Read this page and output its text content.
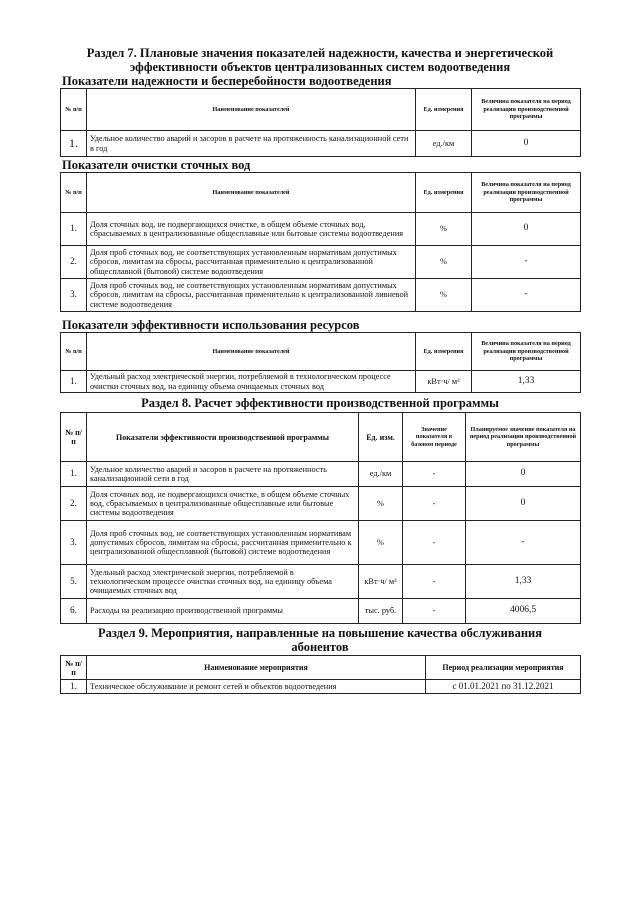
Раздел 7. Плановые значения показателей надежности, качества и энергетической
эффективности объектов централизованных систем водоотведения
Показатели надежности и бесперебойности водоотведения
№ п/п	Наименование показателей	Ед. измерения	Величина показателя на период реализации производственной программы
1.	Удельное количество аварий и засоров в расчете на протяженность канализационной сети в год	ед./км	0
Показатели очистки сточных вод
№ п/п	Наименование показателей	Ед. измерения	Величина показателя на период реализации производственной программы
1.	Доля сточных вод, не подвергающихся очистке, в общем объеме сточных вод, сбрасываемых в централизованные общесплавные или бытовые системы водоотведения	%	0
2.	Доля проб сточных вод, не соответствующих установленным нормативам допустимых сбросов, лимитам на сбросы, рассчитанная применительно к централизованной общесплавной (бытовой) системе водоотведения	%	-
3.	Доля проб сточных вод, не соответствующих установленным нормативам допустимых сбросов, лимитам на сбросы, рассчитанная применительно к централизованной ливневой системе водоотведения	%	-
Показатели эффективности использования ресурсов
№ п/п	Наименование показателей	Ед. измерения	Величина показателя на период реализации производственной программы
1.	Удельный расход электрической энергии, потребляемой в технологическом процессе очистки сточных вод, на единицу объема очищаемых сточных вод	кВт·ч/ м³	1,33
Раздел 8. Расчет эффективности производственной программы
№ п/п	Показатели эффективности производственной программы	Ед. изм.	Значение показателя в базовом периоде	Планируемое значение показателя на период реализации производственной программы
1.	Удельное количество аварий и засоров в расчете на протяженность канализационной сети в год	ед./км	-	0
2.	Доля сточных вод, не подвергающихся очистке, в общем объеме сточных вод, сбрасываемых в централизованные общесплавные или бытовые системы водоотведения	%	-	0
3.	Доля проб сточных вод, не соответствующих установленным нормативам допустимых сбросов, лимитам на сбросы, рассчитанная применительно к централизованной общесплавной (бытовой) системе водоотведения	%	-	-
5.	Удельный расход электрической энергии, потребляемой в технологическом процессе очистки сточных вод, на единицу объема очищаемых сточных вод	кВт·ч/ м³	-	1,33
6.	Расходы на реализацию производственной программы	тыс. руб.	-	4006,5
Раздел 9. Мероприятия, направленные на повышение качества обслуживания
абонентов
№ п/п	Наименование мероприятия	Период реализации мероприятия
1.	Техническое обслуживание и ремонт сетей и объектов водоотведения	с 01.01.2021 по 31.12.2021
